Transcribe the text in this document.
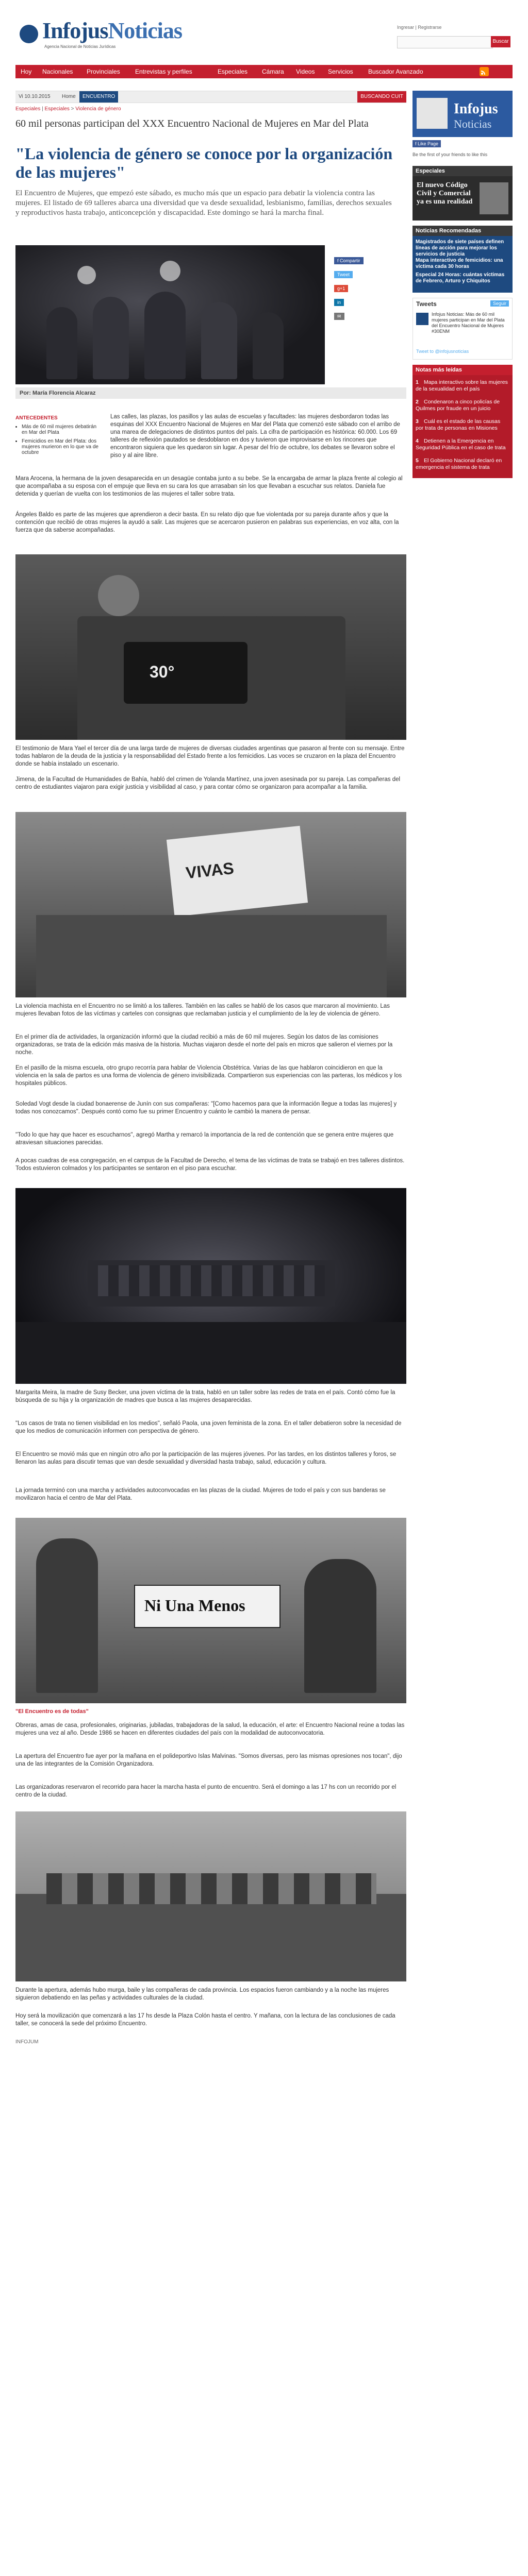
InfojusNoticias
Agencia Nacional de Noticias Jurídicas
Ingresar | Registrarse
Buscar
Hoy Nacionales Provinciales Entrevistas y perfiles	Especiales Cámara Videos Servicios Buscador Avanzado
Vi 10.10.2015 Home	ENCUENTRO	BUSCANDO CUIT
Especiales | Especiales > Violencia de género
60 mil personas participan del XXX Encuentro Nacional de Mujeres en Mar del Plata
"La violencia de género se conoce por la organización de las mujeres"
El Encuentro de Mujeres, que empezó este sábado, es mucho más que un espacio para debatir la violencia contra las mujeres. El listado de 69 talleres abarca una diversidad que va desde sexualidad, lesbianismo, familias, derechos sexuales y reproductivos hasta trabajo, anticoncepción y discapacidad. Este domingo se hará la marcha final.
f Compartir
Tweet
g+1
in
✉
Por: María Florencia Alcaraz
ANTECEDENTES
• Más de 60 mil mujeres debatirán en Mar del Plata
• Femicidios en Mar del Plata: dos mujeres murieron en lo que va de octubre
Las calles, las plazas, los pasillos y las aulas de escuelas y facultades: las mujeres desbordaron todas las esquinas del XXX Encuentro Nacional de Mujeres en Mar del Plata que comenzó este sábado con el arribo de una marea de delegaciones de distintos puntos del país. La cifra de participación es histórica: 60.000. Los 69 talleres de reflexión pautados se desdoblaron en dos y tuvieron que improvisarse en los rincones que encontraron siquiera que les quedaron sin lugar. A pesar del frío de octubre, los debates se llevaron sobre el piso y al aire libre.
Mara Arocena, la hermana de la joven desaparecida en un desagüe contaba junto a su bebe. Se la encargaba de armar la plaza frente al colegio al que acompañaba a su esposa con el empuje que lleva en su cara los que arrasaban sin los que llevaban a escuchar sus relatos. Daniela fue detenida y querían de vuelta con los testimonios de las mujeres el taller sobre trata.
Ángeles Baldo es parte de las mujeres que aprendieron a decir basta. En su relato dijo que fue violentada por su pareja durante años y que la contención que recibió de otras mujeres la ayudó a salir. Las mujeres que se acercaron pusieron en palabras sus experiencias, en voz alta, con la fuerza que da saberse acompañadas.
30°
El testimonio de Mara Yael el tercer día de una larga tarde de mujeres de diversas ciudades argentinas que pasaron al frente con su mensaje. Entre todas hablaron de la deuda de la justicia y la responsabilidad del Estado frente a los femicidios. Las voces se cruzaron en la plaza del Encuentro donde se había instalado un escenario.
Jimena, de la Facultad de Humanidades de Bahía, habló del crimen de Yolanda Martínez, una joven asesinada por su pareja. Las compañeras del centro de estudiantes viajaron para exigir justicia y visibilidad al caso, y para contar cómo se organizaron para acompañar a la familia.
VIVAS
La violencia machista en el Encuentro no se limitó a los talleres. También en las calles se habló de los casos que marcaron al movimiento. Las mujeres llevaban fotos de las víctimas y carteles con consignas que reclamaban justicia y el cumplimiento de la ley de violencia de género.
En el primer día de actividades, la organización informó que la ciudad recibió a más de 60 mil mujeres. Según los datos de las comisiones organizadoras, se trata de la edición más masiva de la historia. Muchas viajaron desde el norte del país en micros que salieron el viernes por la noche.
En el pasillo de la misma escuela, otro grupo recorría para hablar de Violencia Obstétrica. Varias de las que hablaron coincidieron en que la violencia en la sala de partos es una forma de violencia de género invisibilizada. Compartieron sus experiencias con las parteras, los médicos y los hospitales públicos.
Soledad Vogt desde la ciudad bonaerense de Junín con sus compañeras: "[Como hacemos para que la información llegue a todas las mujeres] y todas nos conozcamos". Después contó como fue su primer Encuentro y cuánto le cambió la manera de pensar.
"Todo lo que hay que hacer es escucharnos", agregó Martha y remarcó la importancia de la red de contención que se genera entre mujeres que atraviesan situaciones parecidas.
A pocas cuadras de esa congregación, en el campus de la Facultad de Derecho, el tema de las víctimas de trata se trabajó en tres talleres distintos. Todos estuvieron colmados y los participantes se sentaron en el piso para escuchar.
Margarita Meira, la madre de Susy Becker, una joven víctima de la trata, habló en un taller sobre las redes de trata en el país. Contó cómo fue la búsqueda de su hija y la organización de madres que busca a las mujeres desaparecidas.
"Los casos de trata no tienen visibilidad en los medios", señaló Paola, una joven feminista de la zona. En el taller debatieron sobre la necesidad de que los medios de comunicación informen con perspectiva de género.
El Encuentro se movió más que en ningún otro año por la participación de las mujeres jóvenes. Por las tardes, en los distintos talleres y foros, se llenaron las aulas para discutir temas que van desde sexualidad y diversidad hasta trabajo, salud, educación y cultura.
La jornada terminó con una marcha y actividades autoconvocadas en las plazas de la ciudad. Mujeres de todo el país y con sus banderas se movilizaron hacia el centro de Mar del Plata.
Ni Una Menos
"El Encuentro es de todas"
Obreras, amas de casa, profesionales, originarias, jubiladas, trabajadoras de la salud, la educación, el arte: el Encuentro Nacional reúne a todas las mujeres una vez al año. Desde 1986 se hacen en diferentes ciudades del país con la modalidad de autoconvocatoria.
La apertura del Encuentro fue ayer por la mañana en el polideportivo Islas Malvinas. "Somos diversas, pero las mismas opresiones nos tocan", dijo una de las integrantes de la Comisión Organizadora.
Las organizadoras reservaron el recorrido para hacer la marcha hasta el punto de encuentro. Será el domingo a las 17 hs con un recorrido por el centro de la ciudad.
Durante la apertura, además hubo murga, baile y las compañeras de cada provincia. Los espacios fueron cambiando y a la noche las mujeres siguieron debatiendo en las peñas y actividades culturales de la ciudad.
Hoy será la movilización que comenzará a las 17 hs desde la Plaza Colón hasta el centro. Y mañana, con la lectura de las conclusiones de cada taller, se conocerá la sede del próximo Encuentro.
INFOJUM
Infojus
Noticias
f Like Page
Be the first of your friends to like this
Especiales
El nuevo Código Civil y Comercial ya es una realidad
Noticias Recomendadas
Magistrados de siete países definen líneas de acción para mejorar los servicios de justicia
Mapa interactivo de femicidios: una víctima cada 30 horas
Especial 24 Horas: cuántas víctimas de Febrero, Arturo y Chiquitos
Tweets	Seguir
Infojus Noticias: Más de 60 mil mujeres participan en Mar del Plata del Encuentro Nacional de Mujeres #30ENM
Tweet to @infojusnoticias
Notas más leídas
1 Mapa interactivo sobre las mujeres de la sexualidad en el país
2 Condenaron a cinco policías de Quilmes por fraude en un juicio
3 Cuál es el estado de las causas por trata de personas en Misiones
4 Detienen a la Emergencia en Seguridad Pública en el caso de trata
5 El Gobierno Nacional declaró en emergencia el sistema de trata
